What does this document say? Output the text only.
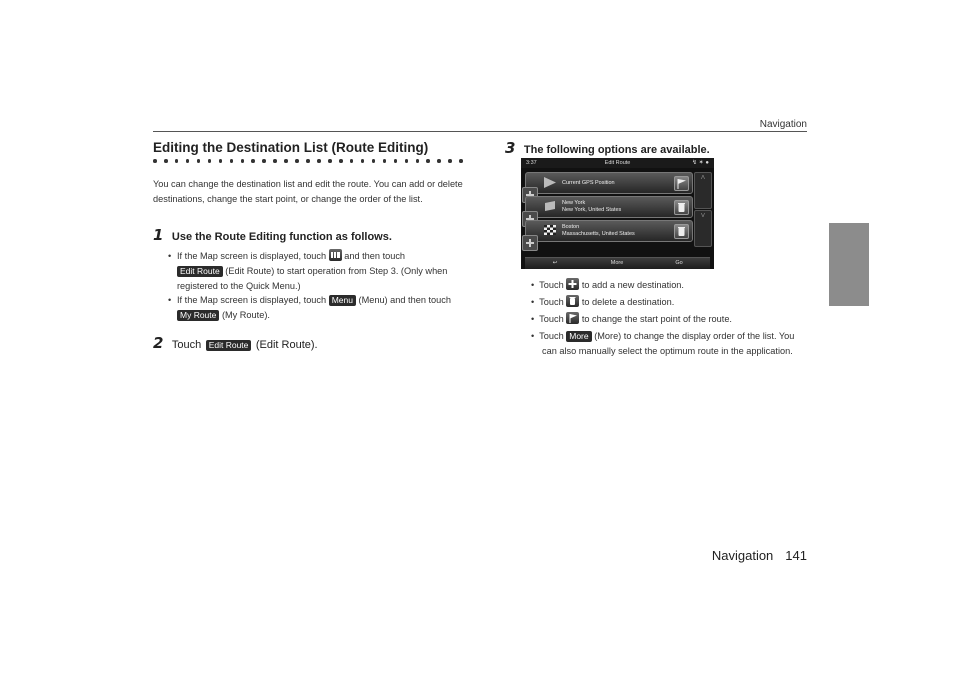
Navigation
Editing the Destination List (Route Editing)
You can change the destination list and edit the route. You can add or delete destinations, change the start point, or change the order of the list.
1 Use the Route Editing function as follows.
• If the Map screen is displayed, touch and then touch
Edit Route (Edit Route) to start operation from Step 3. (Only when registered to the Quick Menu.)
• If the Map screen is displayed, touch Menu (Menu) and then touch
My Route (My Route).
2 Touch Edit Route (Edit Route).
3 The following options are available.
3:37	Edit Route	↯ ✶ ●
Current GPS Position
New York
New York, United States
Boston
Massachusetts, United States
˄
˅
↩	More	Go
• Touch to add a new destination.
• Touch to delete a destination.
• Touch to change the start point of the route.
• Touch More (More) to change the display order of the list. You
can also manually select the optimum route in the application.
Navigation 141
